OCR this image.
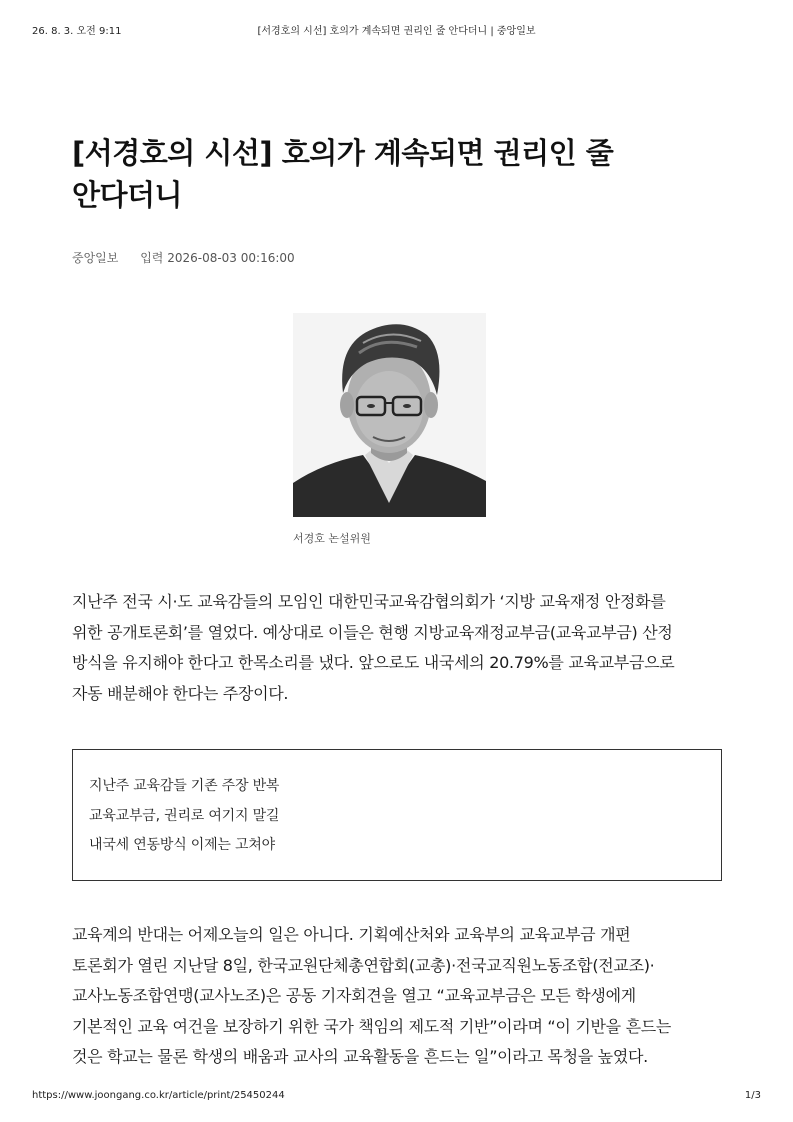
26. 8. 3. 오전 9:11	[서경호의 시선] 호의가 계속되면 권리인 줄 안다더니 | 중앙일보
[서경호의 시선] 호의가 계속되면 권리인 줄
안다더니
중앙일보 입력 2026-08-03 00:16:00
서경호 논설위원
지난주 전국 시·도 교육감들의 모임인 대한민국교육감협의회가 ‘지방 교육재정 안정화를
위한 공개토론회’를 열었다. 예상대로 이들은 현행 지방교육재정교부금(교육교부금) 산정
방식을 유지해야 한다고 한목소리를 냈다. 앞으로도 내국세의 20.79%를 교육교부금으로
자동 배분해야 한다는 주장이다.
지난주 교육감들 기존 주장 반복
교육교부금, 권리로 여기지 말길
내국세 연동방식 이제는 고쳐야
교육계의 반대는 어제오늘의 일은 아니다. 기획예산처와 교육부의 교육교부금 개편
토론회가 열린 지난달 8일, 한국교원단체총연합회(교총)·전국교직원노동조합(전교조)·
교사노동조합연맹(교사노조)은 공동 기자회견을 열고 “교육교부금은 모든 학생에게
기본적인 교육 여건을 보장하기 위한 국가 책임의 제도적 기반”이라며 “이 기반을 흔드는
것은 학교는 물론 학생의 배움과 교사의 교육활동을 흔드는 일”이라고 목청을 높였다.
https://www.joongang.co.kr/article/print/25450244	1/3
